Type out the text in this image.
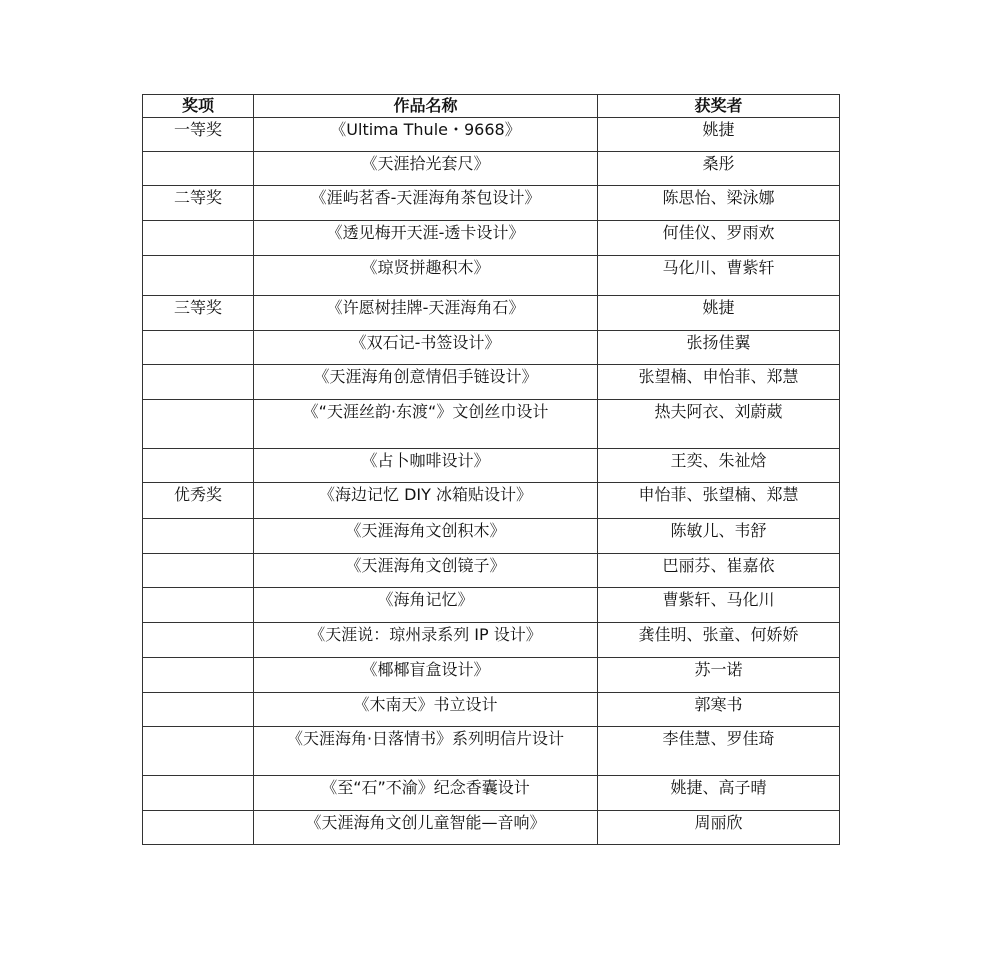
奖项	作品名称	获奖者
一等奖	《Ultima Thule・9668》	姚捷
	《天涯拾光套尺》	桑彤
二等奖	《涯屿茗香-天涯海角茶包设计》	陈思怡、梁泳娜
	《透见梅开天涯-透卡设计》	何佳仪、罗雨欢
	《琼贤拼趣积木》	马化川、曹紫轩
三等奖	《许愿树挂牌-天涯海角石》	姚捷
	《双石记-书签设计》	张扬佳翼
	《天涯海角创意情侣手链设计》	张望楠、申怡菲、郑慧
	《“天涯丝韵·东渡“》文创丝巾设计	热夫阿衣、刘蔚葳
	《占卜咖啡设计》	王奕、朱祉焓
优秀奖	《海边记忆 DIY 冰箱贴设计》	申怡菲、张望楠、郑慧
	《天涯海角文创积木》	陈敏儿、韦舒
	《天涯海角文创镜子》	巴丽芬、崔嘉依
	《海角记忆》	曹紫轩、马化川
	《天涯说：琼州录系列 IP 设计》	龚佳明、张童、何娇娇
	《椰椰盲盒设计》	苏一诺
	《木南天》书立设计	郭寒书
	《天涯海角·日落情书》系列明信片设计	李佳慧、罗佳琦
	《至“石”不渝》纪念香囊设计	姚捷、高子晴
	《天涯海角文创儿童智能—音响》	周丽欣
